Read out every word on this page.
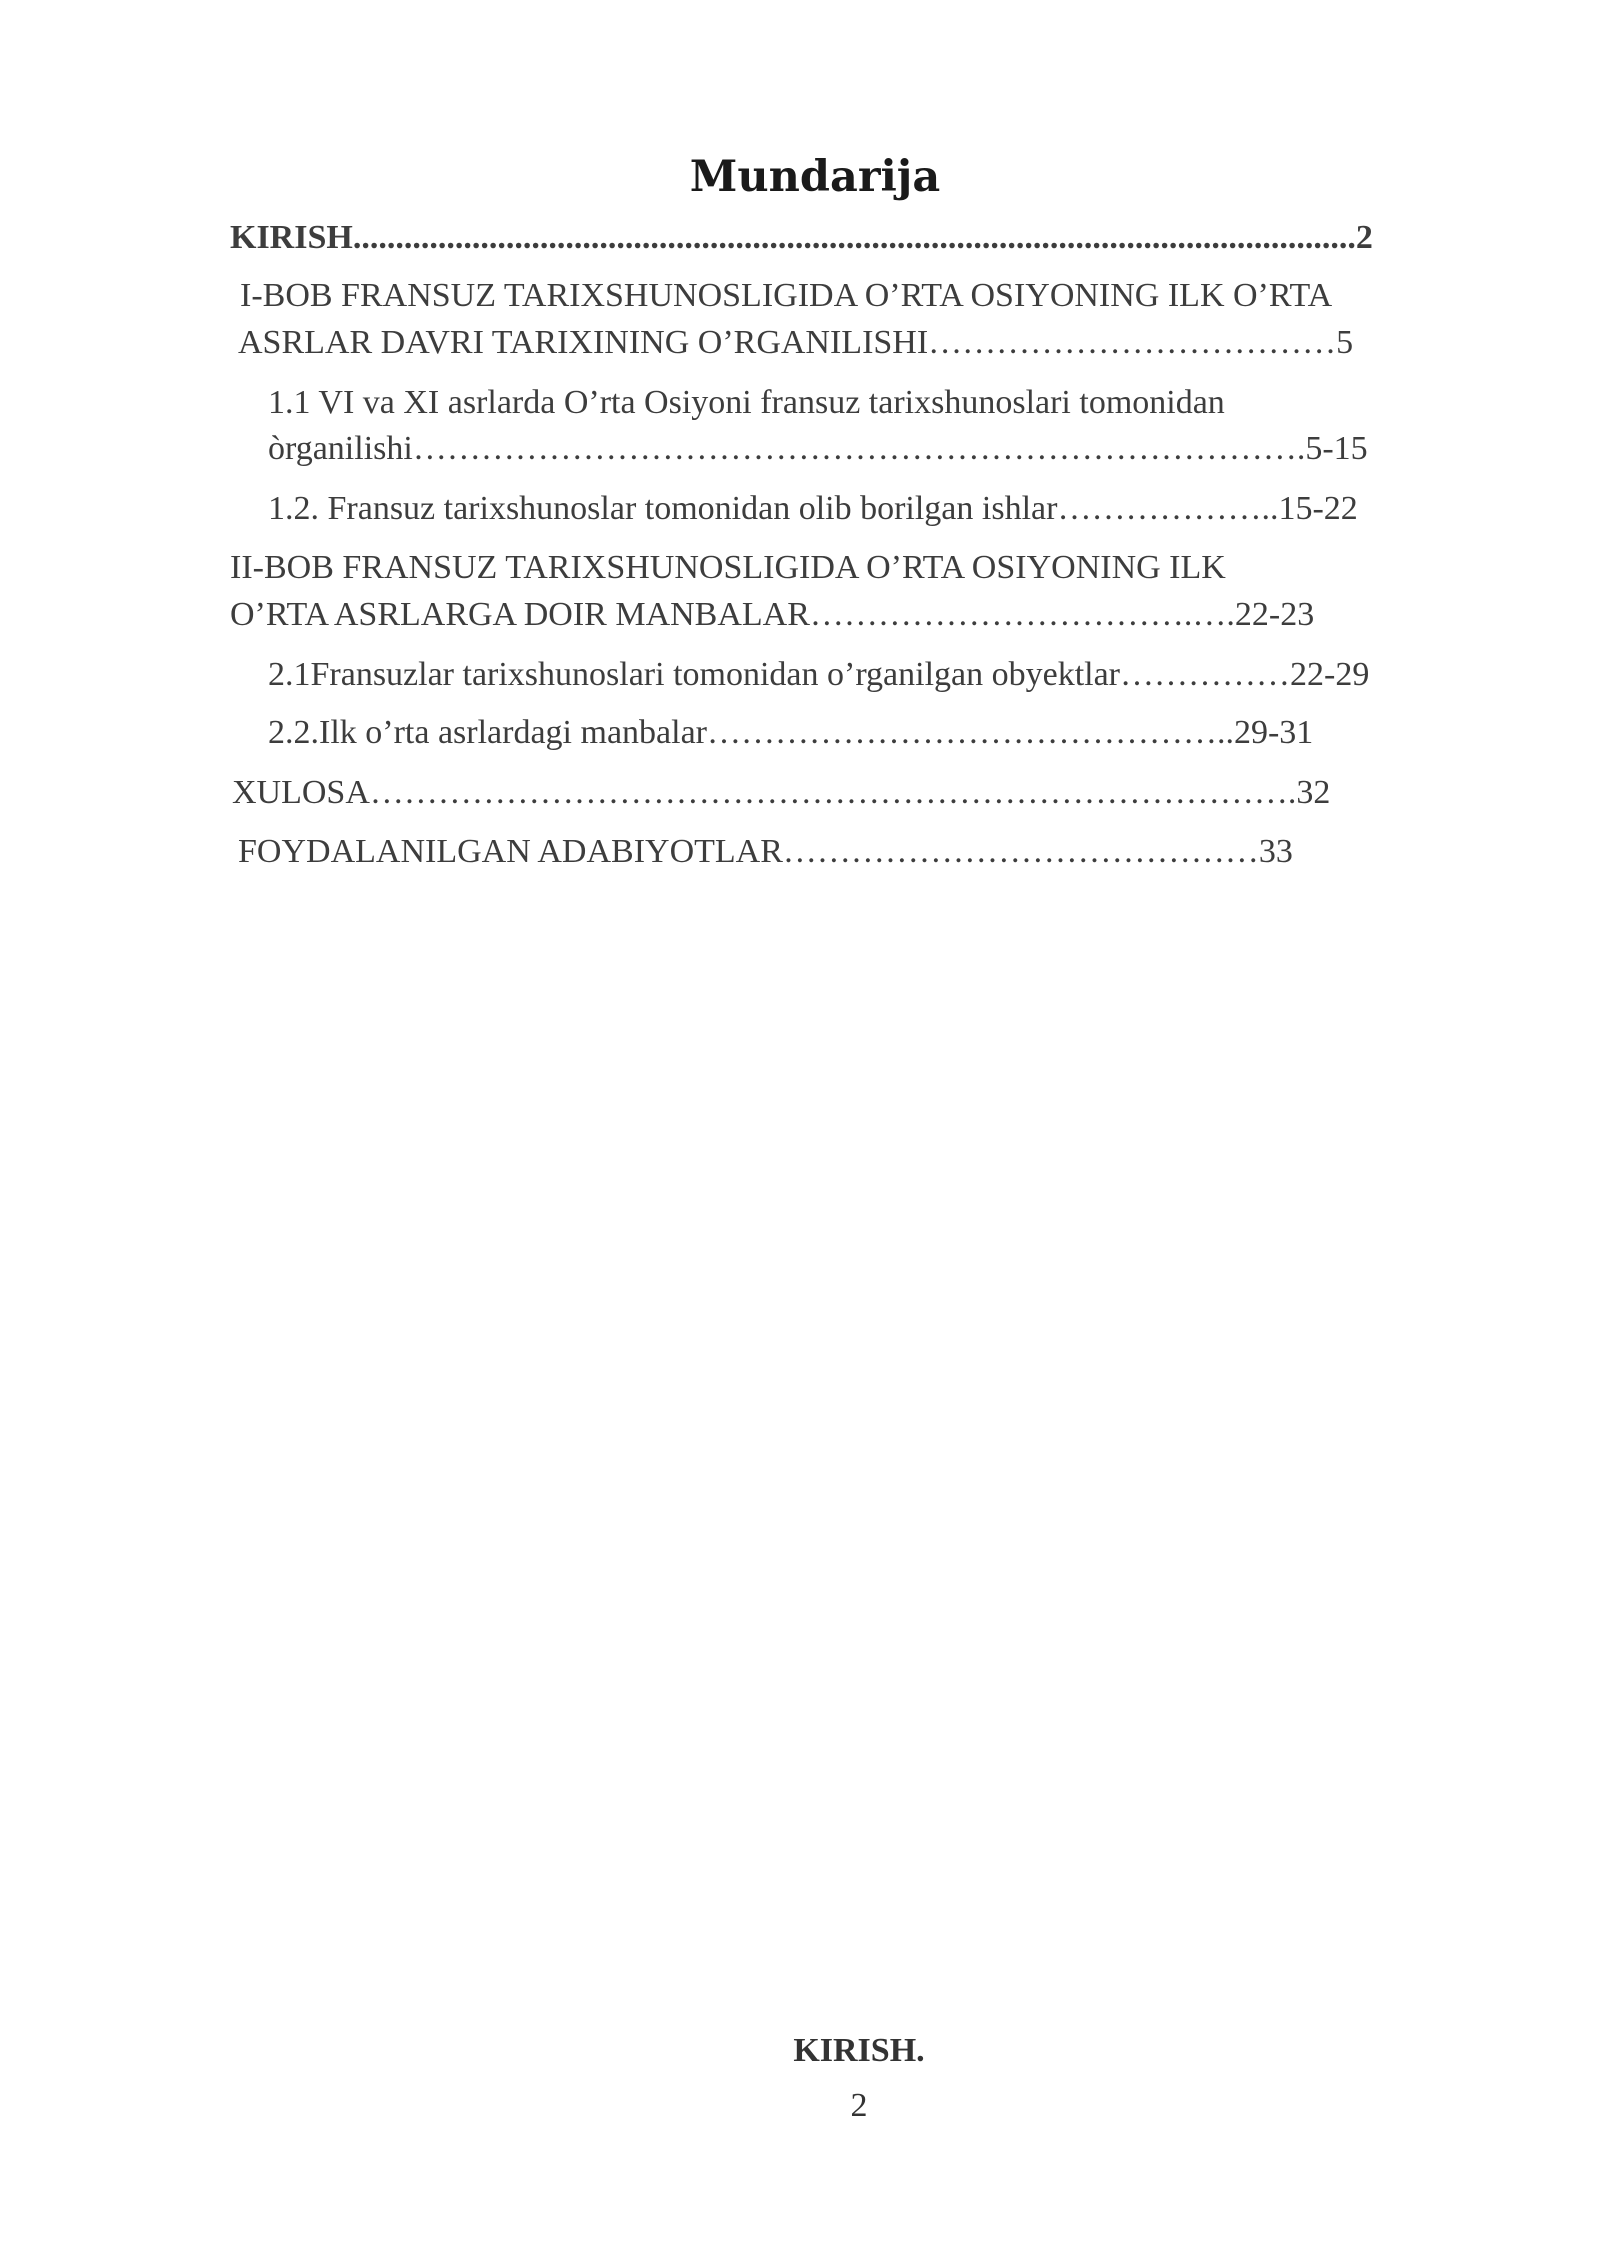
Mundarija
KIRISH......................................................................................................................2
I-BOB FRANSUZ TARIXSHUNOSLIGIDA O’RTA OSIYONING ILK O’RTA
ASRLAR DAVRI TARIXINING O’RGANILISHI………………………………5
1.1 VI va XI asrlarda O’rta Osiyoni fransuz tarixshunoslari tomonidan
òrganilishi…………………………………………………………………….5-15
1.2. Fransuz tarixshunoslar tomonidan olib borilgan ishlar………………..15-22
II-BOB FRANSUZ TARIXSHUNOSLIGIDA O’RTA OSIYONING ILK
O’RTA ASRLARGA DOIR MANBALAR…………………………….….22-23
2.1Fransuzlar tarixshunoslari tomonidan o’rganilgan obyektlar……………22-29
2.2.Ilk o’rta asrlardagi manbalar………………………………………..29-31
XULOSA……………………………………………………………………….32
FOYDALANILGAN ADABIYOTLAR……………………………………33
KIRISH.
2
